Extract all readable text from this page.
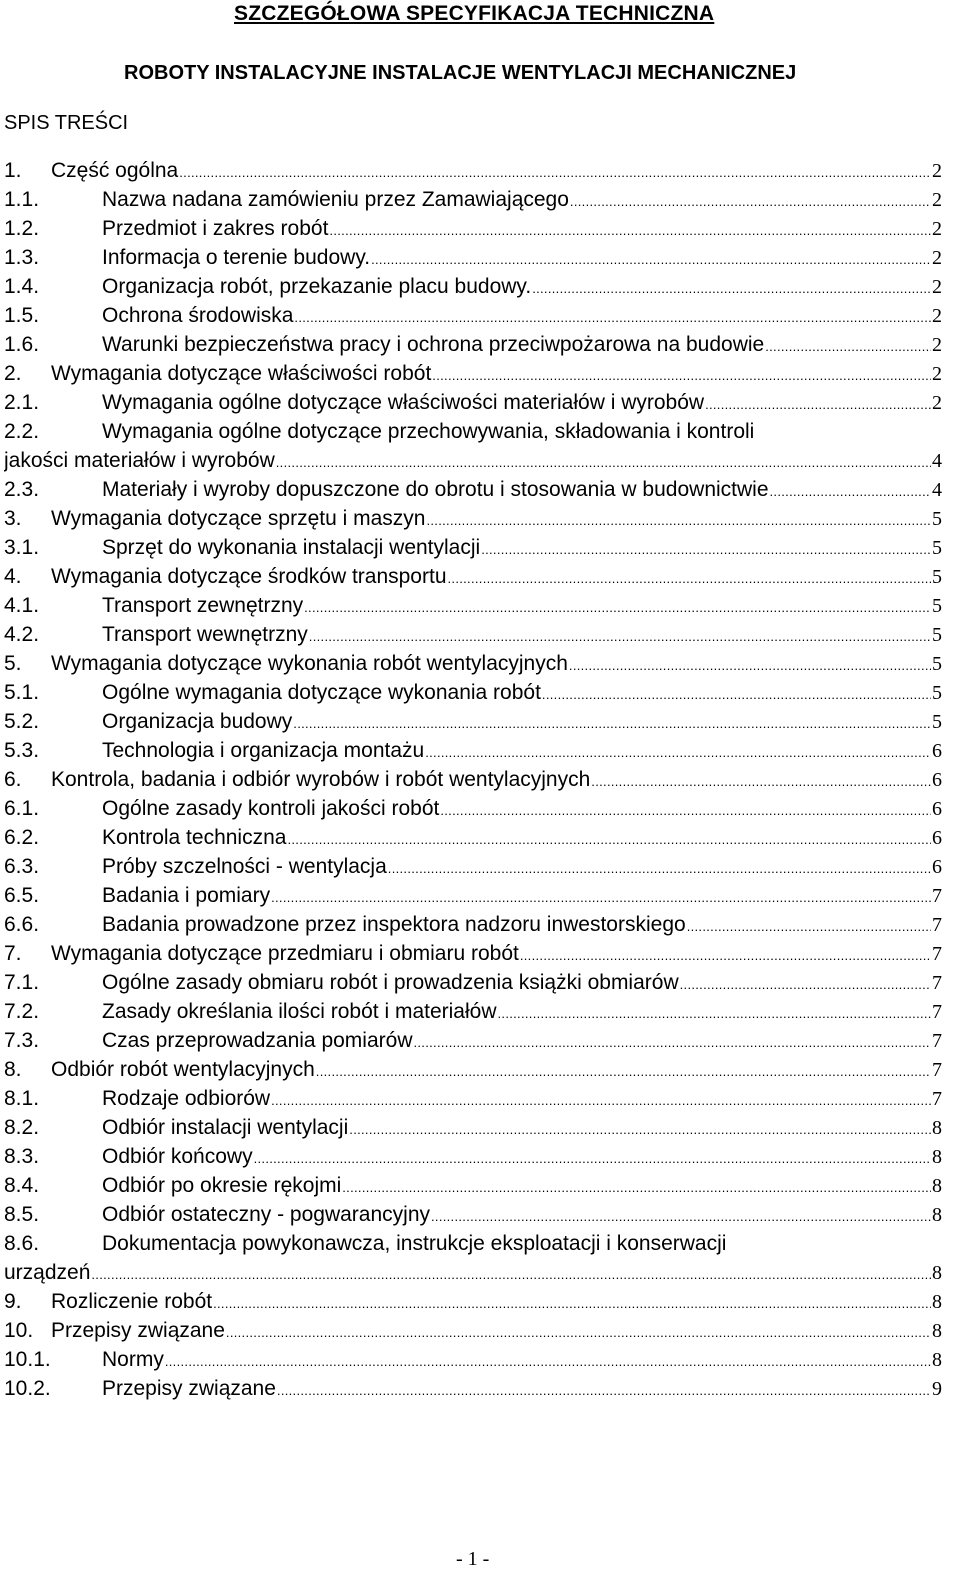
SZCZEGÓŁOWA SPECYFIKACJA TECHNICZNA
ROBOTY INSTALACYJNE INSTALACJE WENTYLACJI MECHANICZNEJ
SPIS TREŚCI
1.	Część ogólna .....	2
1.1.	Nazwa nadana zamówieniu przez Zamawiającego .....	2
1.2.	Przedmiot i zakres robót .....	2
1.3.	Informacja o terenie budowy. .....	2
1.4.	Organizacja robót, przekazanie placu budowy. .....	2
1.5.	Ochrona środowiska .....	2
1.6.	Warunki bezpieczeństwa pracy i ochrona przeciwpożarowa na budowie .....	2
2.	Wymagania dotyczące właściwości robót .....	2
2.1.	Wymagania ogólne dotyczące właściwości materiałów i wyrobów .....	2
2.2.	Wymagania ogólne dotyczące przechowywania, składowania i kontroli
jakości materiałów i wyrobów .....	4
2.3.	Materiały i wyroby dopuszczone do obrotu i stosowania w budownictwie .....	4
3.	Wymagania dotyczące sprzętu i maszyn .....	5
3.1.	Sprzęt do wykonania instalacji wentylacji .....	5
4.	Wymagania dotyczące środków transportu .....	5
4.1.	Transport zewnętrzny .....	5
4.2.	Transport wewnętrzny .....	5
5.	Wymagania dotyczące wykonania robót wentylacyjnych .....	5
5.1.	Ogólne wymagania dotyczące wykonania robót .....	5
5.2.	Organizacja budowy .....	5
5.3.	Technologia i organizacja montażu .....	6
6.	Kontrola, badania i odbiór wyrobów i robót wentylacyjnych .....	6
6.1.	Ogólne zasady kontroli jakości robót .....	6
6.2.	Kontrola techniczna .....	6
6.3.	Próby szczelności - wentylacja .....	6
6.5.	Badania i pomiary .....	7
6.6.	Badania prowadzone przez inspektora nadzoru inwestorskiego .....	7
7.	Wymagania dotyczące przedmiaru i obmiaru robót .....	7
7.1.	Ogólne zasady obmiaru robót i prowadzenia książki obmiarów .....	7
7.2.	Zasady określania ilości robót i materiałów .....	7
7.3.	Czas przeprowadzania pomiarów .....	7
8.	Odbiór robót wentylacyjnych .....	7
8.1.	Rodzaje odbiorów .....	7
8.2.	Odbiór instalacji wentylacji .....	8
8.3.	Odbiór końcowy .....	8
8.4.	Odbiór po okresie rękojmi .....	8
8.5.	Odbiór ostateczny - pogwarancyjny .....	8
8.6.	Dokumentacja powykonawcza, instrukcje eksploatacji i konserwacji
urządzeń .....	8
9.	Rozliczenie robót .....	8
10. Przepisy związane .....	8
10.1.	Normy .....	8
10.2.	Przepisy związane .....	9
- 1 -
